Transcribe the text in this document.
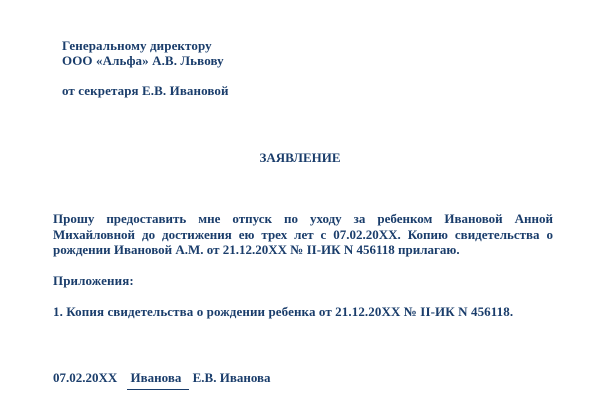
Генеральному директору
ООО «Альфа» А.В. Львову
от секретаря Е.В. Ивановой
ЗАЯВЛЕНИЕ
Прошу предоставить мне отпуск по уходу за ребенком Ивановой Анной Михайловной до достижения ею трех лет с 07.02.20XX. Копию свидетельства о рождении Ивановой А.М. от 21.12.20XX № II-ИК N 456118 прилагаю.
Приложения:
1. Копия свидетельства о рождении ребенка от 21.12.20XX № II-ИК N 456118.
07.02.20XX Иванова Е.В. Иванова
